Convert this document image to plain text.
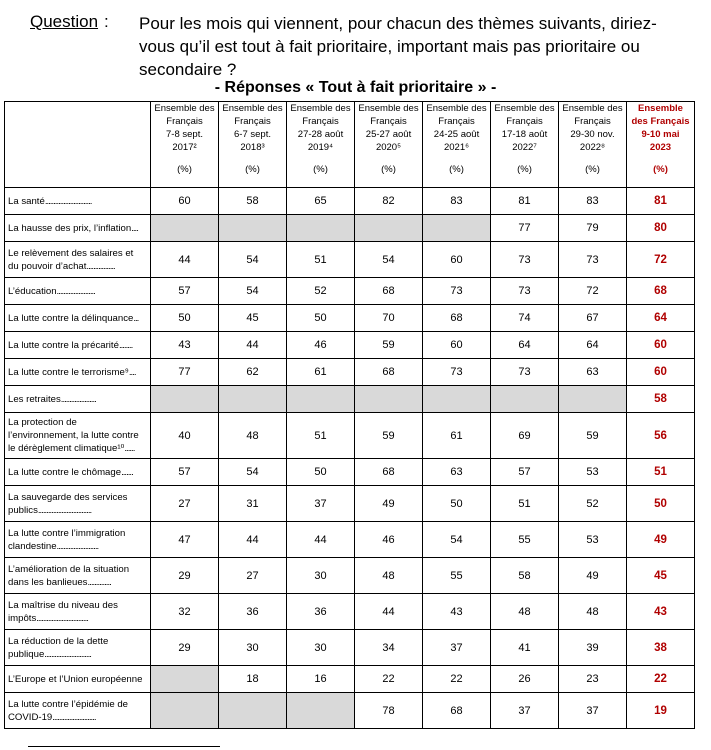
Question : Pour les mois qui viennent, pour chacun des thèmes suivants, diriez-vous qu’il est tout à fait prioritaire, important mais pas prioritaire ou secondaire ?
- Réponses « Tout à fait prioritaire » -

	Ensemble des
Français
7-8 sept.
2017²
(%)	Ensemble des
Français
6-7 sept.
2018³
(%)	Ensemble des
Français
27-28 août
2019⁴
(%)	Ensemble des
Français
25-27 août
2020⁵
(%)	Ensemble des
Français
24-25 août
2021⁶
(%)	Ensemble des
Français
17-18 août
2022⁷
(%)	Ensemble des
Français
29-30 nov.
2022⁸
(%)	Ensemble
des Français
9-10 mai
2023
(%)

La santé............................	60	58	65	82	83	81	83	81
La hausse des prix, l’inflation....						77	79	80
Le relèvement des salaires et
du pouvoir d’achat.................	44	54	51	54	60	73	73	72
L’éducation.......................	57	54	52	68	73	73	72	68
La lutte contre la délinquance...	50	45	50	70	68	74	67	64
La lutte contre la précarité........	43	44	46	59	60	64	64	60
La lutte contre le terrorisme⁹....	77	62	61	68	73	73	63	60
Les retraites.....................								58
La protection de
l’environnement, la lutte contre
le dérèglement climatique¹⁰......	40	48	51	59	61	69	59	56
La lutte contre le chômage.......	57	54	50	68	63	57	53	51
La sauvegarde des services
publics................................	27	31	37	49	50	51	52	50
La lutte contre l’immigration
clandestine.........................	47	44	44	46	54	55	53	49
L’amélioration de la situation
dans les banlieues..............	29	27	30	48	55	58	49	45
La maîtrise du niveau des
impôts...............................	32	36	36	44	43	48	48	43
La réduction de la dette
publique............................	29	30	30	34	37	41	39	38
L’Europe et l’Union européenne		18	16	22	22	26	23	22
La lutte contre l’épidémie de
COVID-19..........................				78	68	37	37	19
